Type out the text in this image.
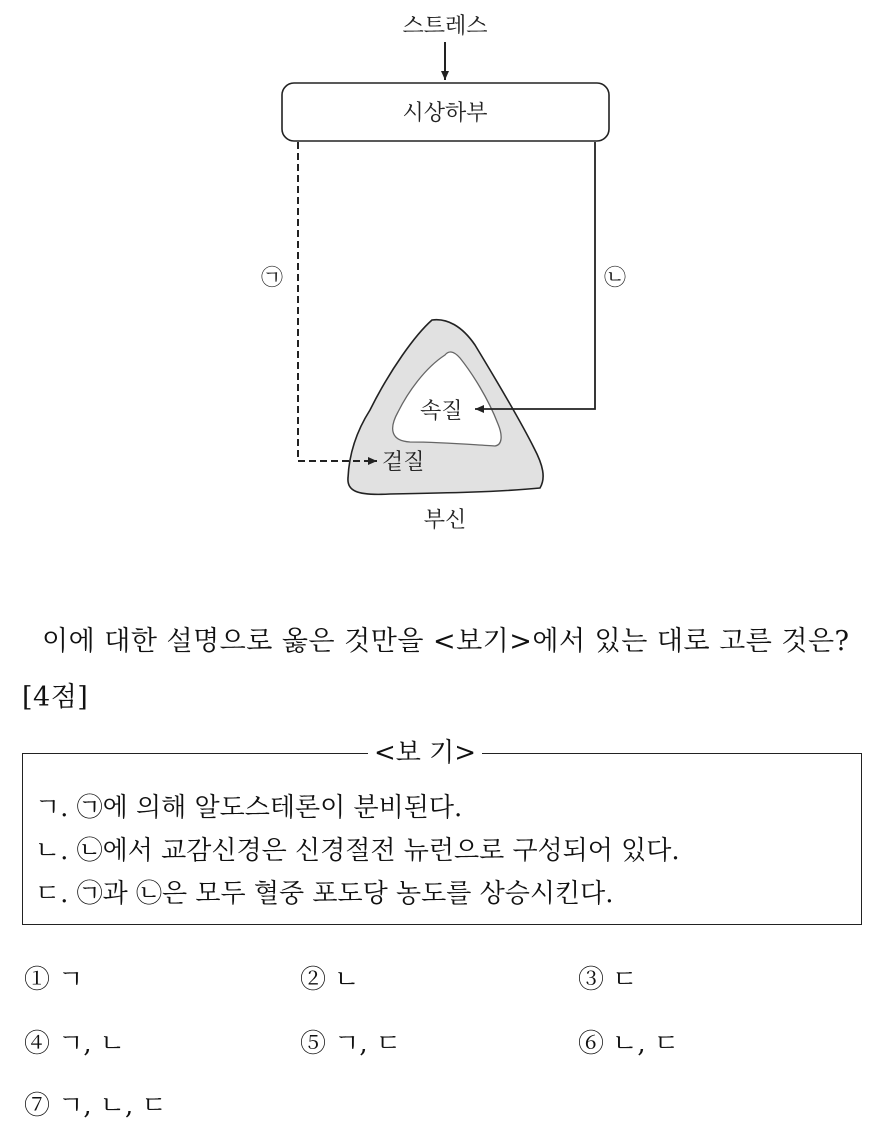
스트레스
시상하부
㉠	㉡
속질
겉질
부신
이에 대한 설명으로 옳은 것만을 <보기>에서 있는 대로 고른 것은? [4점]
<보 기>
ㄱ. ㉠에 의해 알도스테론이 분비된다.
ㄴ. ㉡에서 교감신경은 신경절전 뉴런으로 구성되어 있다.
ㄷ. ㉠과 ㉡은 모두 혈중 포도당 농도를 상승시킨다.
① ㄱ	② ㄴ	③ ㄷ
④ ㄱ, ㄴ	⑤ ㄱ, ㄷ	⑥ ㄴ, ㄷ
⑦ ㄱ, ㄴ, ㄷ
